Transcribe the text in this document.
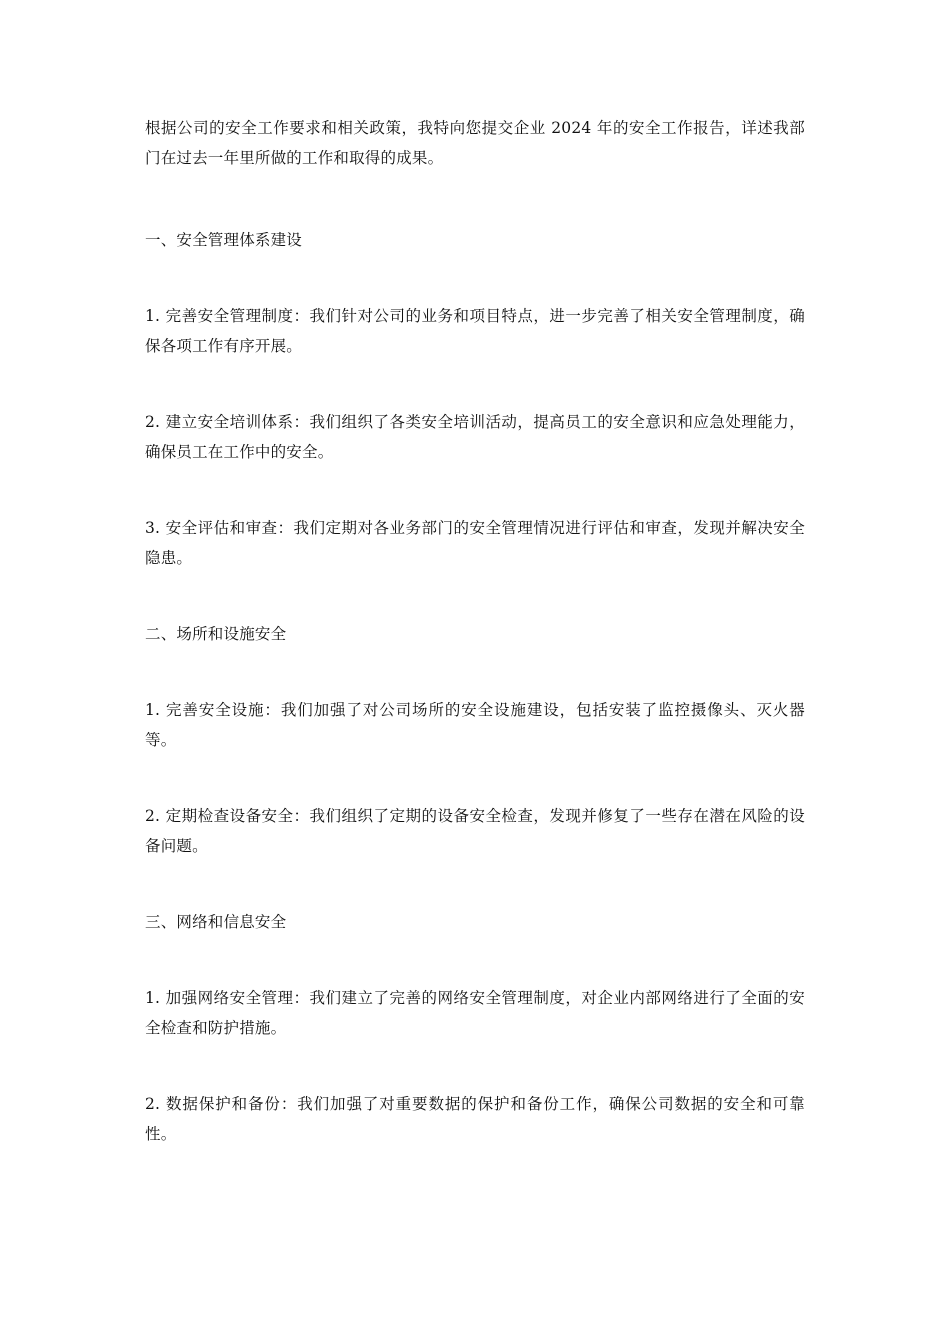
根据公司的安全工作要求和相关政策，我特向您提交企业 2024 年的安全工作报告，详述我部门在过去一年里所做的工作和取得的成果。

一、安全管理体系建设

1. 完善安全管理制度：我们针对公司的业务和项目特点，进一步完善了相关安全管理制度，确保各项工作有序开展。

2. 建立安全培训体系：我们组织了各类安全培训活动，提高员工的安全意识和应急处理能力，确保员工在工作中的安全。

3. 安全评估和审查：我们定期对各业务部门的安全管理情况进行评估和审查，发现并解决安全隐患。

二、场所和设施安全

1. 完善安全设施：我们加强了对公司场所的安全设施建设，包括安装了监控摄像头、灭火器等。

2. 定期检查设备安全：我们组织了定期的设备安全检查，发现并修复了一些存在潜在风险的设备问题。

三、网络和信息安全

1. 加强网络安全管理：我们建立了完善的网络安全管理制度，对企业内部网络进行了全面的安全检查和防护措施。

2. 数据保护和备份：我们加强了对重要数据的保护和备份工作，确保公司数据的安全和可靠性。
